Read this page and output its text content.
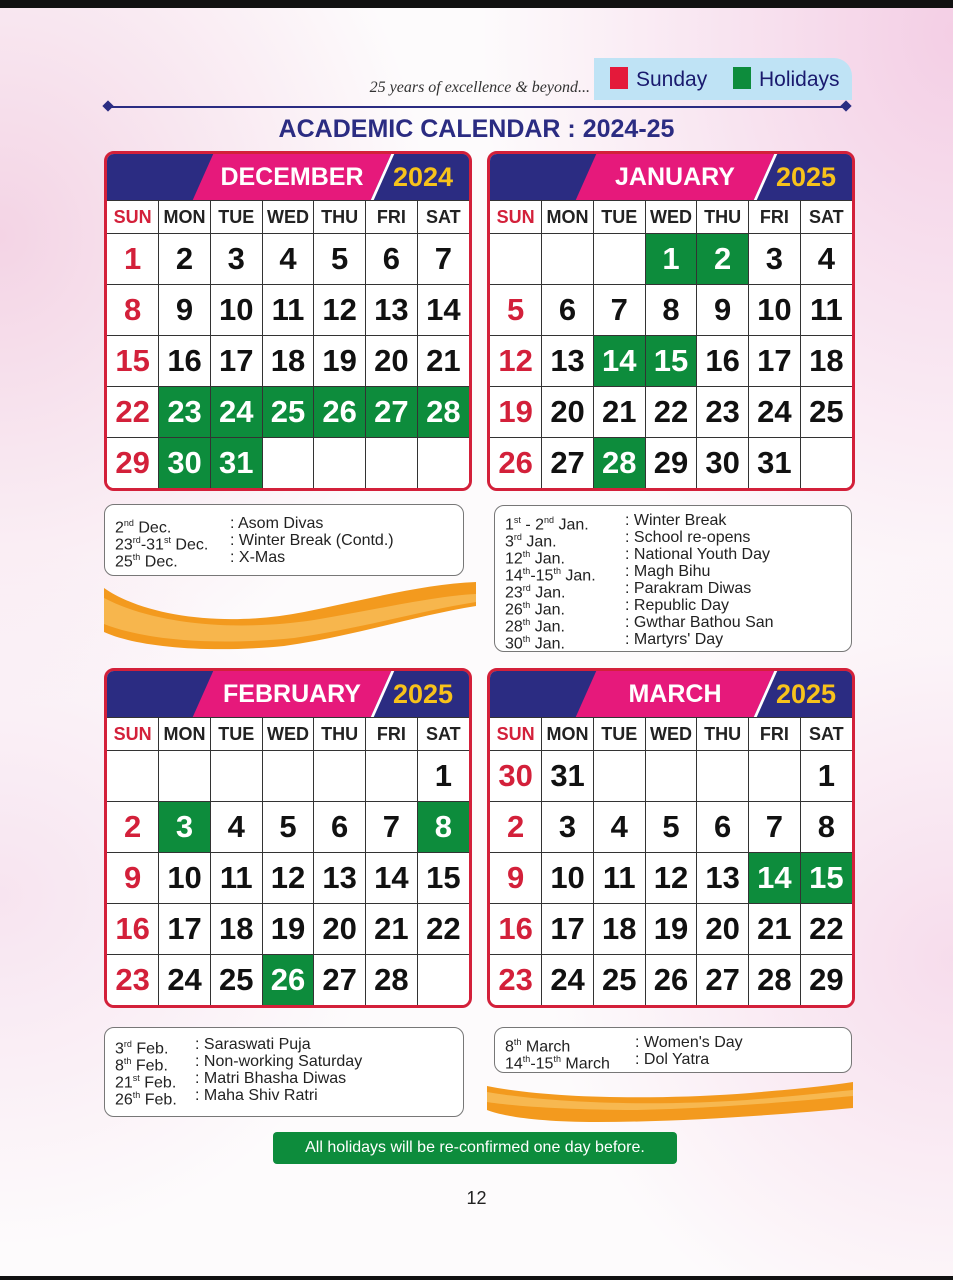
25 years of excellence & beyond... Sunday Holidays
ACADEMIC CALENDAR : 2024-25
DECEMBER	2024
SUN	MON	TUE	WED	THU	FRI	SAT
1	2	3	4	5	6	7
8	9	10	11	12	13	14
15	16	17	18	19	20	21
22	23	24	25	26	27	28
29	30	31				
JANUARY	2025
SUN	MON	TUE	WED	THU	FRI	SAT
			1	2	3	4
5	6	7	8	9	10	11
12	13	14	15	16	17	18
19	20	21	22	23	24	25
26	27	28	29	30	31	
FEBRUARY	2025
SUN	MON	TUE	WED	THU	FRI	SAT
						1
2	3	4	5	6	7	8
9	10	11	12	13	14	15
16	17	18	19	20	21	22
23	24	25	26	27	28	
MARCH	2025
SUN	MON	TUE	WED	THU	FRI	SAT
30	31					1
2	3	4	5	6	7	8
9	10	11	12	13	14	15
16	17	18	19	20	21	22
23	24	25	26	27	28	29
2nd Dec.	: Asom Divas
23rd-31st Dec. : Winter Break (Contd.)
25th Dec.	: X-Mas
1st - 2nd Jan. : Winter Break
3rd Jan.	: School re-opens
12th Jan.	: National Youth Day
14th-15th Jan. : Magh Bihu
23rd Jan.	: Parakram Diwas
26th Jan.	: Republic Day
28th Jan.	: Gwthar Bathou San
30th Jan.	: Martyrs' Day
3rd Feb. : Saraswati Puja
8th Feb. : Non-working Saturday
21st Feb. : Matri Bhasha Diwas
26th Feb. : Maha Shiv Ratri
8th March	: Women's Day
14th-15th March : Dol Yatra
All holidays will be re-confirmed one day before.
12
